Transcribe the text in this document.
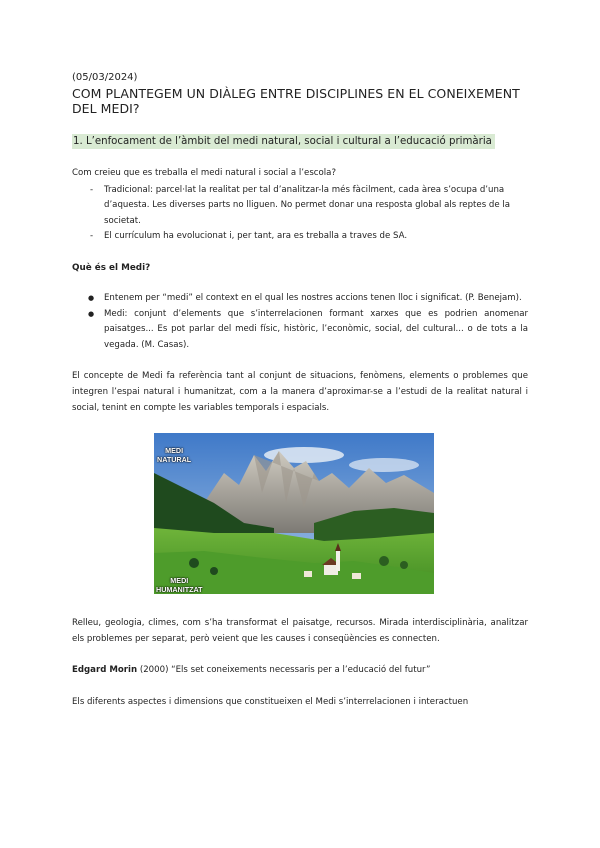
(05/03/2024)

COM PLANTEGEM UN DIÀLEG ENTRE DISCIPLINES EN EL CONEIXEMENT DEL MEDI?
1. L’enfocament de l’àmbit del medi natural, social i cultural a l’educació primària

Com creieu que es treballa el medi natural i social a l’escola?

- Tradicional: parcel·lat la realitat per tal d’analitzar-la més fàcilment, cada àrea s’ocupa d’una d’aquesta. Les diverses parts no lliguen. No permet donar una resposta global als reptes de la societat.
- El currículum ha evolucionat i, per tant, ara es treballa a traves de SA.
Què és el Medi?
● Entenem per “medi” el context en el qual les nostres accions tenen lloc i significat. (P. Benejam).
● Medi: conjunt d’elements que s’interrelacionen formant xarxes que es podrien anomenar paisatges... Es pot parlar del medi físic, històric, l’econòmic, social, del cultural... o de tots a la vegada. (M. Casas).

El concepte de Medi fa referència tant al conjunt de situacions, fenòmens, elements o problemes que integren l’espai natural i humanitzat, com a la manera d’aproximar-se a l’estudi de la realitat natural i social, tenint en compte les variables temporals i espacials.

MEDI
NATURAL
MEDI
HUMANITZAT

Relleu, geologia, climes, com s’ha transformat el paisatge, recursos. Mirada interdisciplinària, analitzar els problemes per separat, però veient que les causes i conseqüències es connecten.

Edgard Morin (2000) “Els set coneixements necessaris per a l’educació del futur”

Els diferents aspectes i dimensions que constitueixen el Medi s’interrelacionen i interactuen
